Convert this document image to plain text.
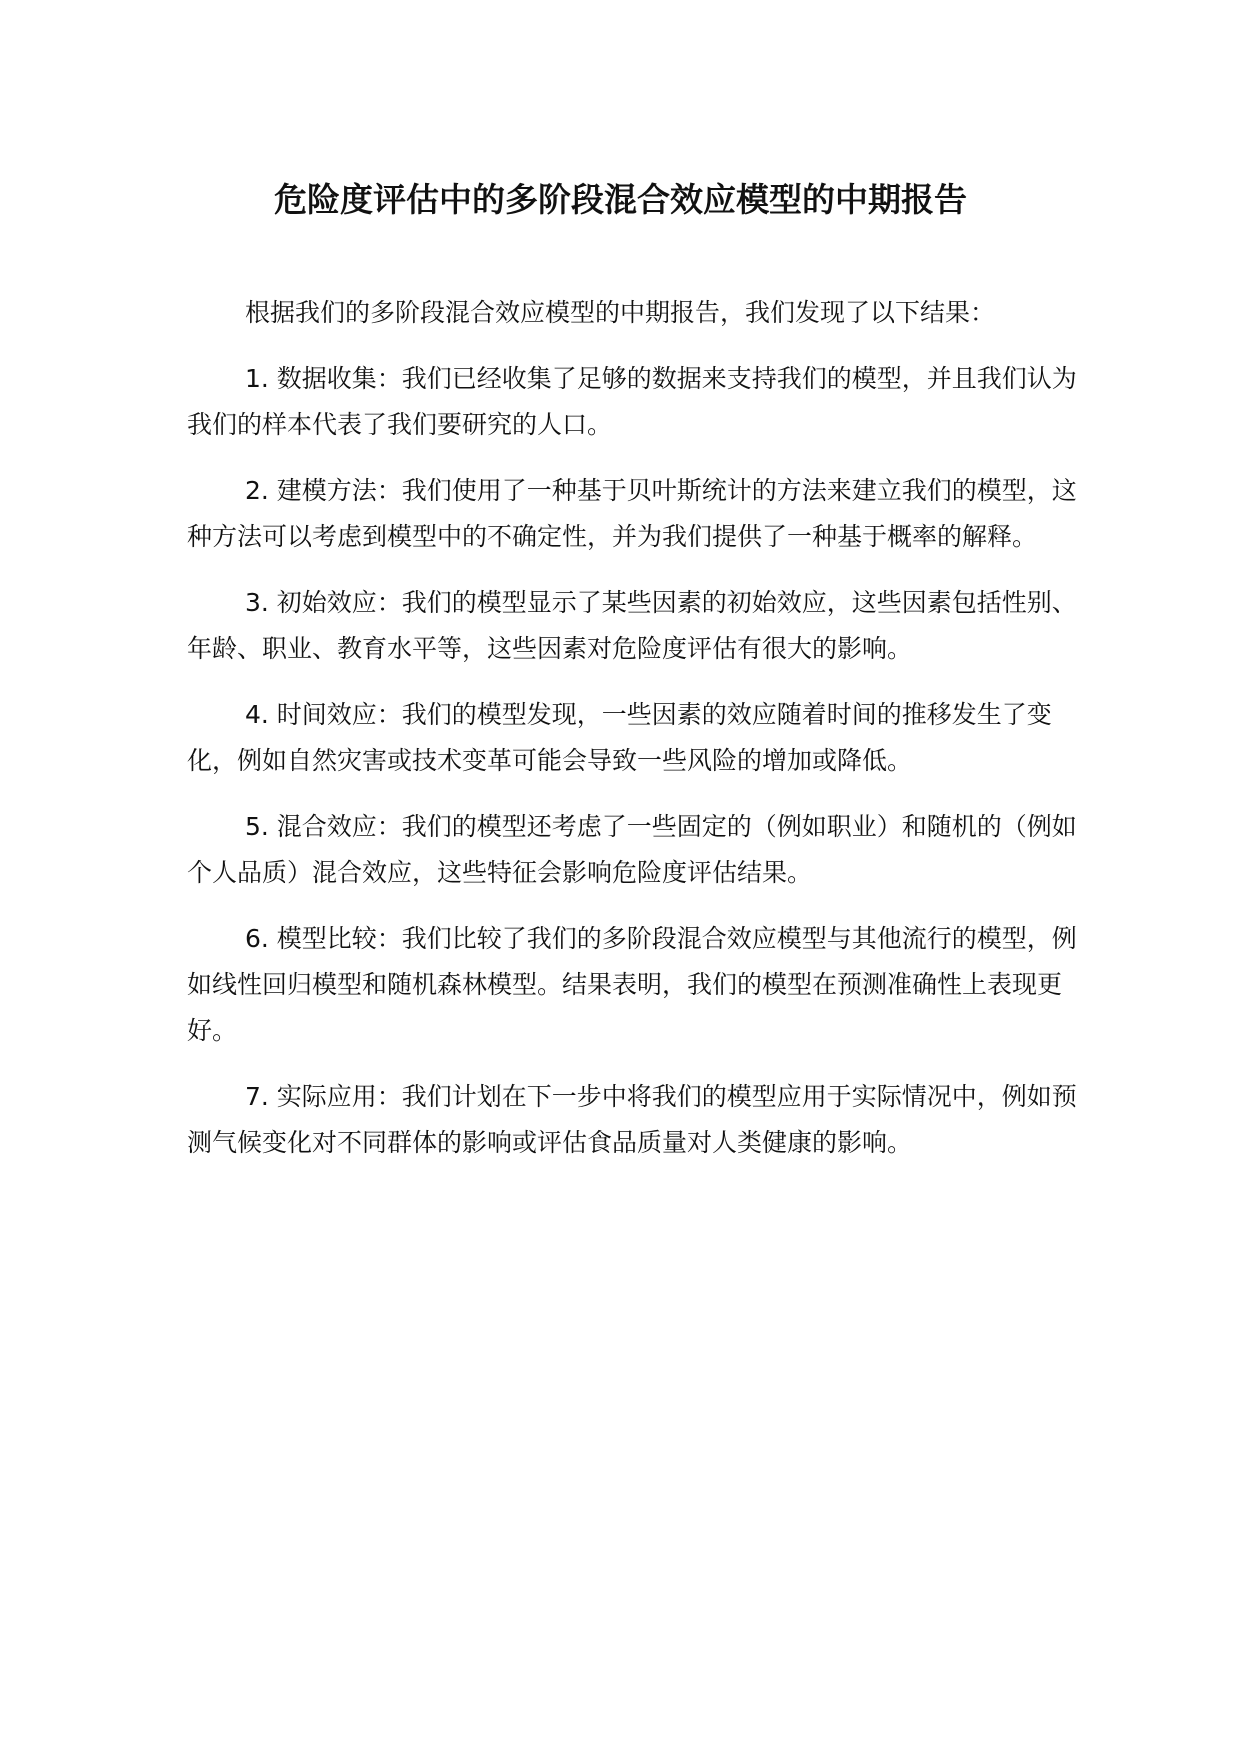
危险度评估中的多阶段混合效应模型的中期报告

根据我们的多阶段混合效应模型的中期报告，我们发现了以下结果：

1. 数据收集：我们已经收集了足够的数据来支持我们的模型，并且我们认为我们的样本代表了我们要研究的人口。

2. 建模方法：我们使用了一种基于贝叶斯统计的方法来建立我们的模型，这种方法可以考虑到模型中的不确定性，并为我们提供了一种基于概率的解释。

3. 初始效应：我们的模型显示了某些因素的初始效应，这些因素包括性别、年龄、职业、教育水平等，这些因素对危险度评估有很大的影响。

4. 时间效应：我们的模型发现，一些因素的效应随着时间的推移发生了变化，例如自然灾害或技术变革可能会导致一些风险的增加或降低。

5. 混合效应：我们的模型还考虑了一些固定的（例如职业）和随机的（例如个人品质）混合效应，这些特征会影响危险度评估结果。

6. 模型比较：我们比较了我们的多阶段混合效应模型与其他流行的模型，例如线性回归模型和随机森林模型。结果表明，我们的模型在预测准确性上表现更好。

7. 实际应用：我们计划在下一步中将我们的模型应用于实际情况中，例如预测气候变化对不同群体的影响或评估食品质量对人类健康的影响。
